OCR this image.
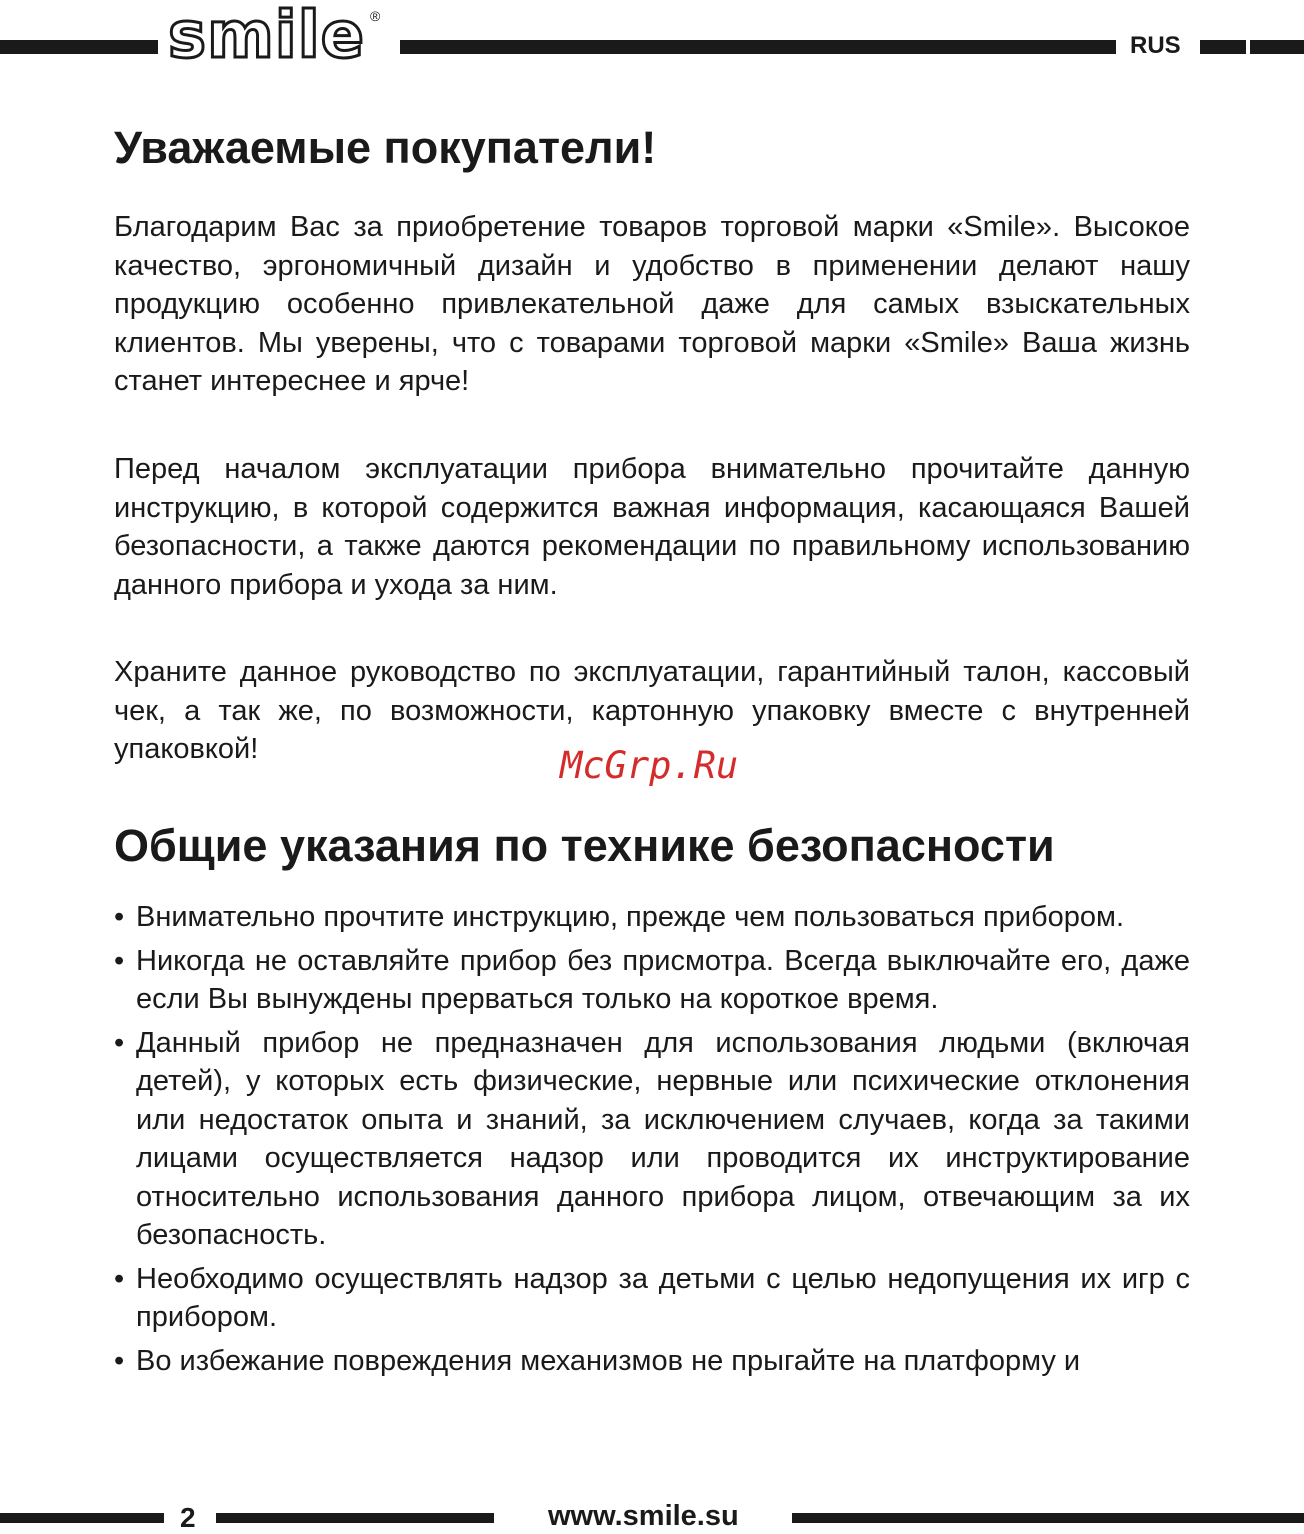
smile ®
RUS
Уважаемые покупатели!

Благодарим Вас за приобретение товаров торговой марки «Smile». Высокое качество, эргономичный дизайн и удобство в применении делают нашу продукцию особенно привлекательной даже для самых взыскательных клиентов. Мы уверены, что с товарами торговой марки «Smile» Ваша жизнь станет интереснее и ярче!

Перед началом эксплуатации прибора внимательно прочитайте данную инструкцию, в которой содержится важная информация, касающаяся Вашей безопасности, а также даются рекомендации по правильному использованию данного прибора и ухода за ним.

Храните данное руководство по эксплуатации, гарантийный талон, кассовый чек, а так же, по возможности, картонную упаковку вместе с внутренней упаковкой!	McGrp.Ru
Общие указания по технике безопасности
• Внимательно прочтите инструкцию, прежде чем пользоваться прибором.
• Никогда не оставляйте прибор без присмотра. Всегда выключайте его, даже если Вы вынуждены прерваться только на короткое время.
• Данный прибор не предназначен для использования людьми (включая детей), у которых есть физические, нервные или психические отклонения или недостаток опыта и знаний, за исключением случаев, когда за такими лицами осуществляется надзор или проводится их инструктирование относительно использования данного прибора лицом, отвечающим за их безопасность.
• Необходимо осуществлять надзор за детьми с целью недопущения их игр с прибором.
• Во избежание повреждения механизмов не прыгайте на платформу и
2	www.smile.su
